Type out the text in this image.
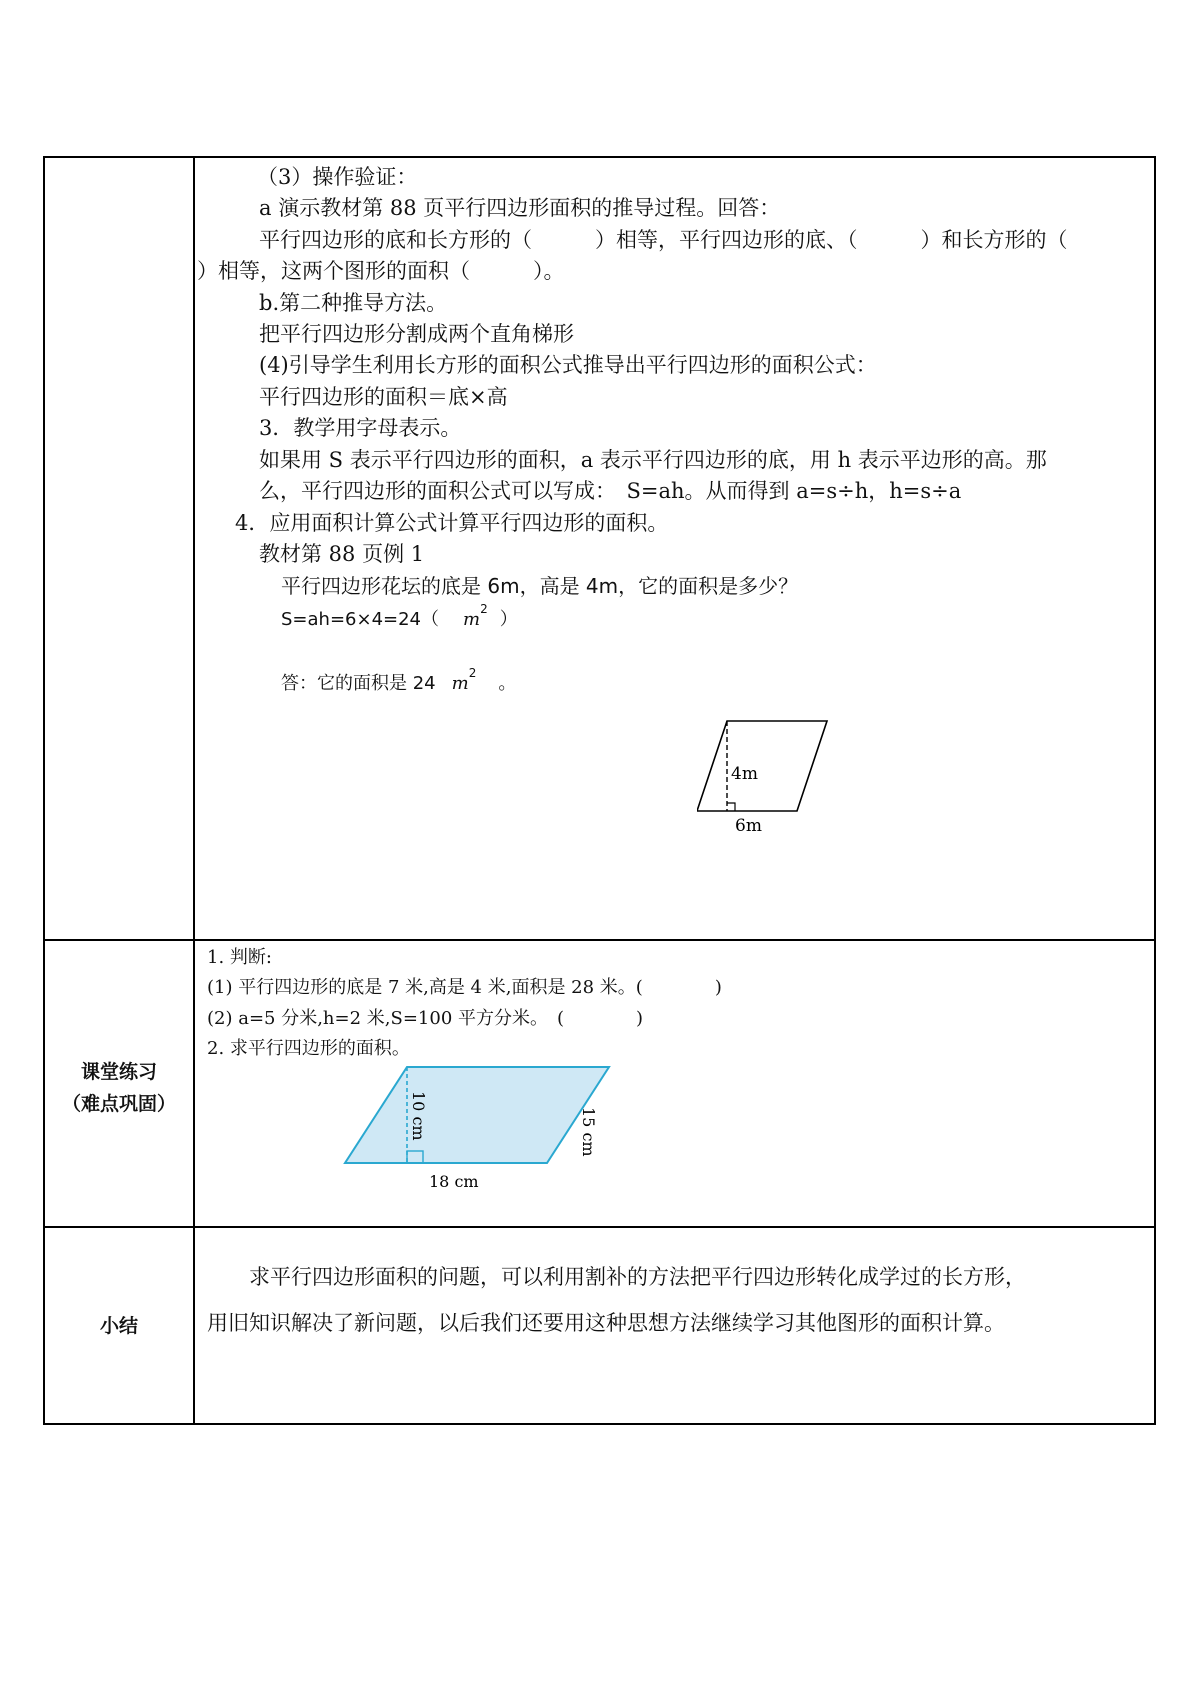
（3）操作验证：
a 演示教材第 88 页平行四边形面积的推导过程。回答：
平行四边形的底和长方形的（　　　）相等，平行四边形的底、（　　　）和长方形的（
）相等，这两个图形的面积（　　　）。
b.第二种推导方法。
把平行四边形分割成两个直角梯形
(4)引导学生利用长方形的面积公式推导出平行四边形的面积公式：
平行四边形的面积＝底×高
3．教学用字母表示。
如果用 S 表示平行四边形的面积，a 表示平行四边形的底，用 h 表示平边形的高。那
么，平行四边形的面积公式可以写成：　S=ah。从而得到 a=s÷h，h=s÷a
4．应用面积计算公式计算平行四边形的面积。
教材第 88 页例 1
平行四边形花坛的底是 6m，高是 4m，它的面积是多少？
S=ah=6×4=24（ $m^2$ ）
答：它的面积是 24 $m^2$ 。
4m
6m
课堂练习
（难点巩固）
1. 判断:
(1) 平行四边形的底是 7 米,高是 4 米,面积是 28 米。(　　　　)
(2) a=5 分米,h=2 米,S=100 平方分米。　(　　　　)
2. 求平行四边形的面积。
10 cm	15 cm
18 cm
小结
求平行四边形面积的问题，可以利用割补的方法把平行四边形转化成学过的长方形，
用旧知识解决了新问题，以后我们还要用这种思想方法继续学习其他图形的面积计算。
